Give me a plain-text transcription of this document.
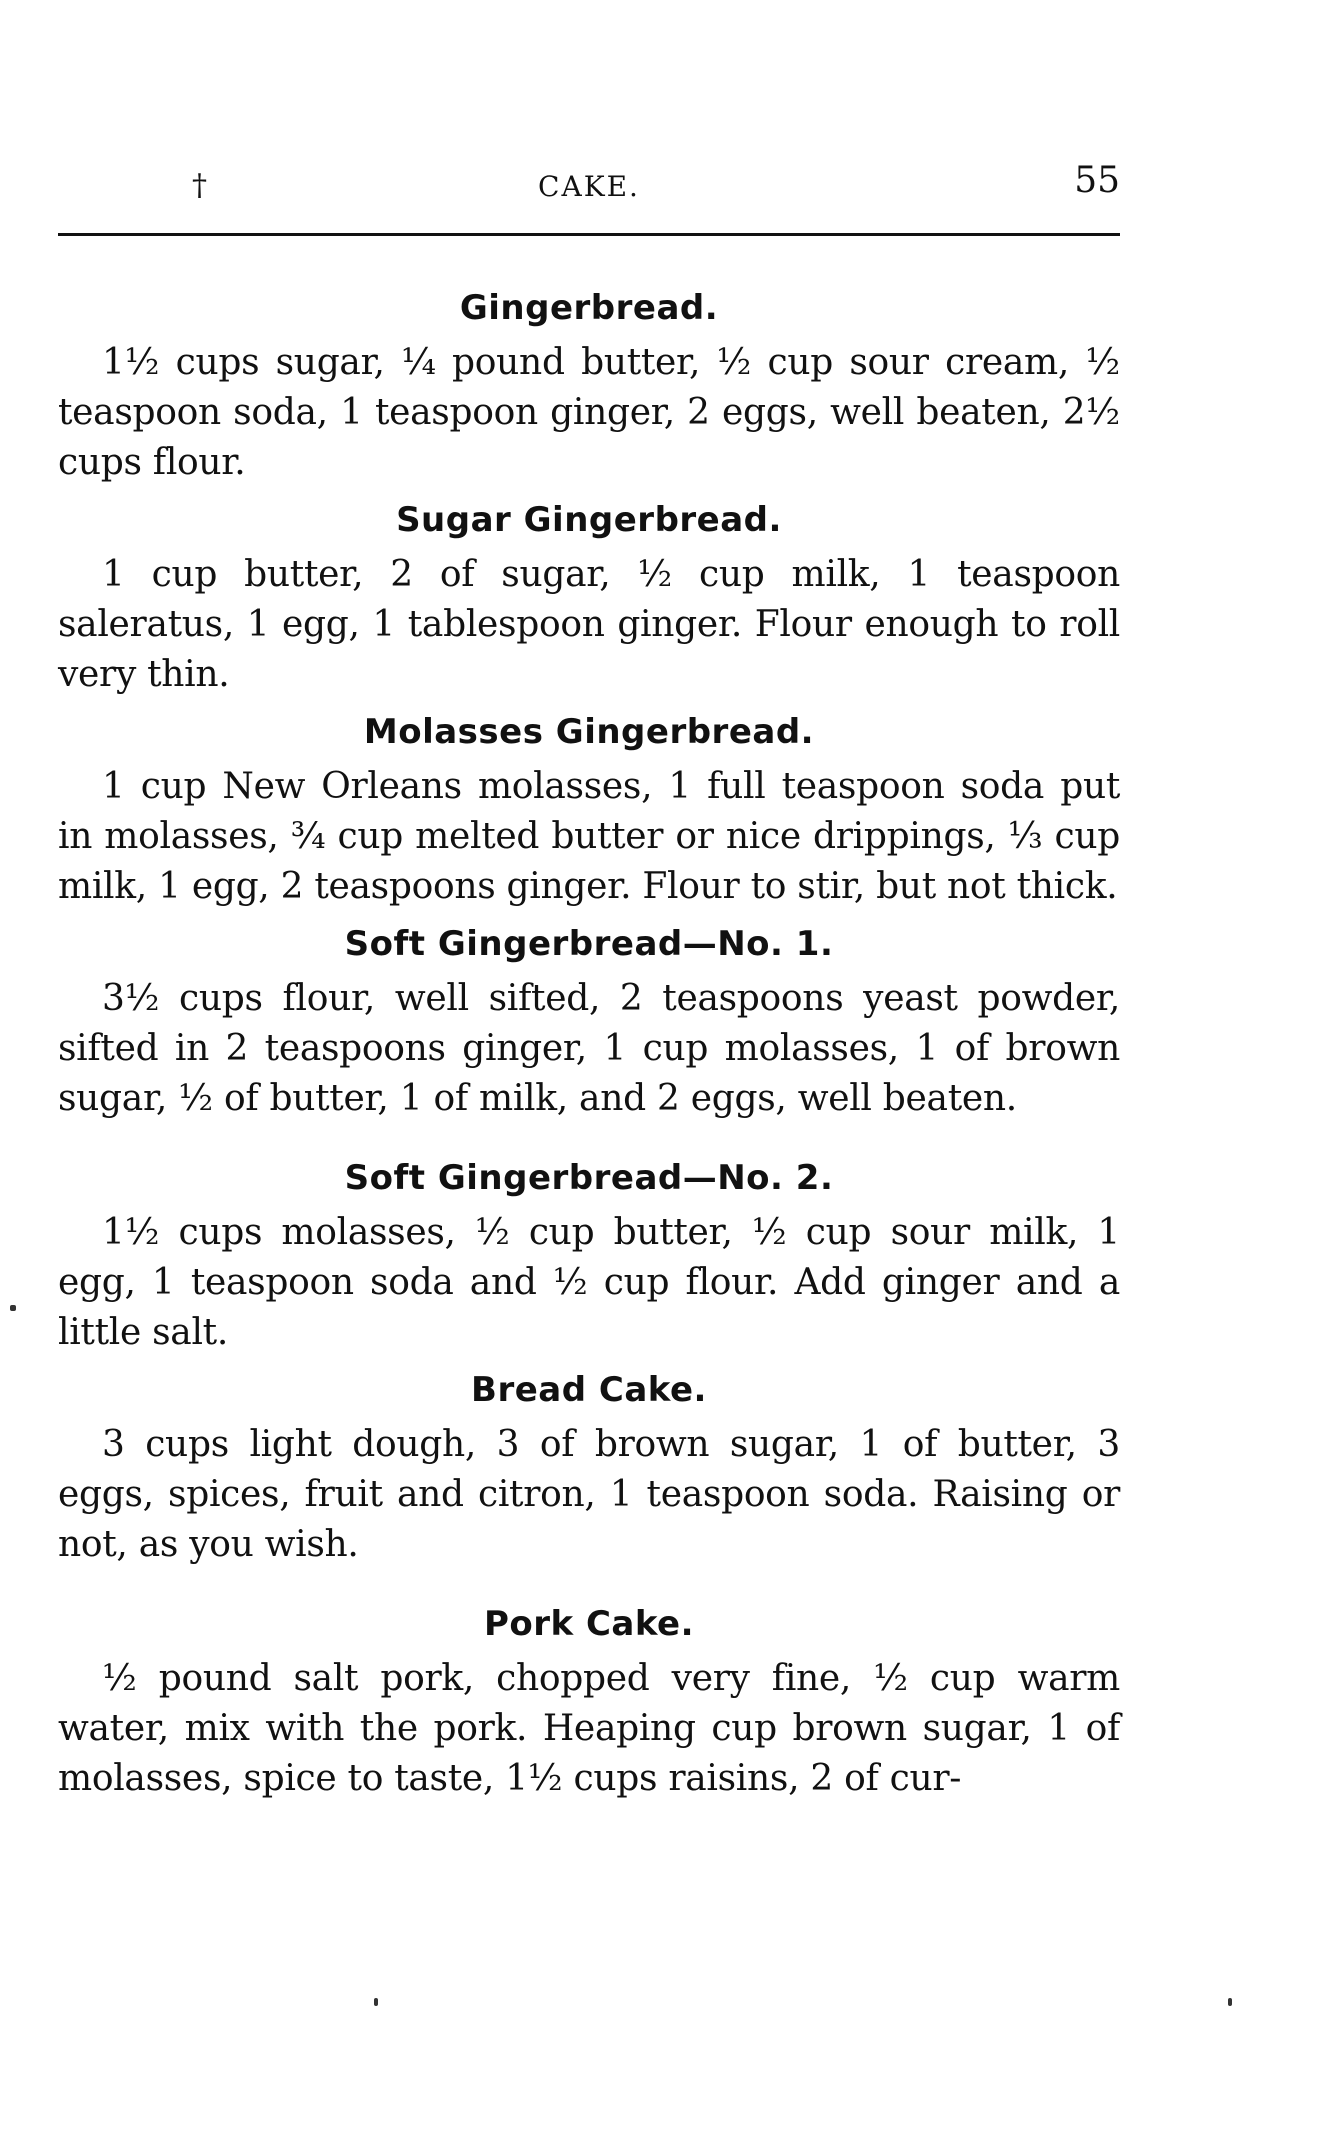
†	CAKE.	55
Gingerbread.

1½ cups sugar, ¼ pound butter, ½ cup sour cream, ½ teaspoon soda, 1 teaspoon ginger, 2 eggs, well beaten, 2½ cups flour.

Sugar Gingerbread.

1 cup butter, 2 of sugar, ½ cup milk, 1 teaspoon saleratus, 1 egg, 1 tablespoon ginger. Flour enough to roll very thin.

Molasses Gingerbread.

1 cup New Orleans molasses, 1 full teaspoon soda put in molasses, ¾ cup melted butter or nice drippings, ⅓ cup milk, 1 egg, 2 teaspoons ginger. Flour to stir, but not thick.

Soft Gingerbread—No. 1.

3½ cups flour, well sifted, 2 teaspoons yeast powder, sifted in 2 teaspoons ginger, 1 cup molasses, 1 of brown sugar, ½ of butter, 1 of milk, and 2 eggs, well beaten.

Soft Gingerbread—No. 2.

1½ cups molasses, ½ cup butter, ½ cup sour milk, 1 egg, 1 teaspoon soda and ½ cup flour. Add ginger and a little salt.

Bread Cake.

3 cups light dough, 3 of brown sugar, 1 of butter, 3 eggs, spices, fruit and citron, 1 teaspoon soda. Raising or not, as you wish.

Pork Cake.

½ pound salt pork, chopped very fine, ½ cup warm water, mix with the pork. Heaping cup brown sugar, 1 of molasses, spice to taste, 1½ cups raisins, 2 of cur-
